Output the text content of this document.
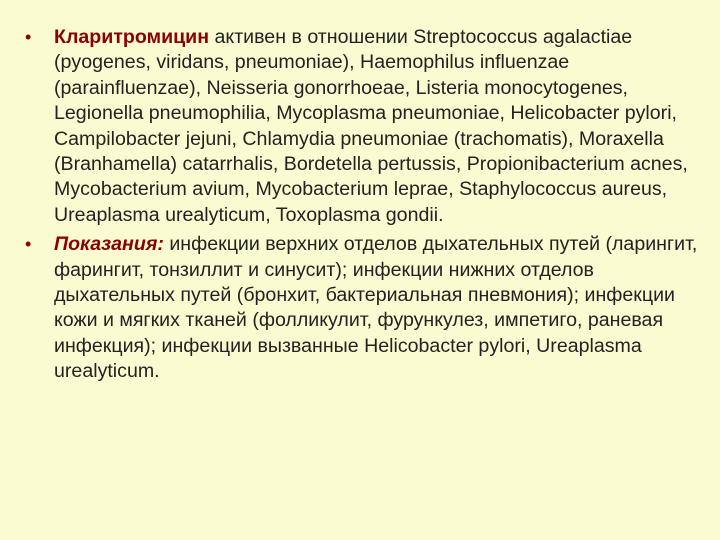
•	Кларитромицин активен в отношении Streptococcus agalactiae (pyogenes, viridans, pneumoniae), Haemophilus influenzae (parainfluenzae), Neisseria gonorrhoeae, Listeria monocytogenes, Legionella pneumophilia, Mycoplasma pneumoniae, Helicobacter pylori, Campilobacter jejuni, Chlamydia pneumoniae (trachomatis), Moraxella (Branhamella) catarrhalis, Bordetella pertussis, Propionibacterium acnes, Mycobacterium avium, Mycobacterium leprae, Staphylococcus aureus, Ureaplasma urealyticum, Toxoplasma gondii.
•	Показания: инфекции верхних отделов дыхательных путей (ларингит, фарингит, тонзиллит и синусит); инфекции нижних отделов дыхательных путей (бронхит, бактериальная пневмония); инфекции кожи и мягких тканей (фолликулит, фурункулез, импетиго, раневая инфекция); инфекции вызванные Helicobacter pylori, Ureaplasma urealyticum.
